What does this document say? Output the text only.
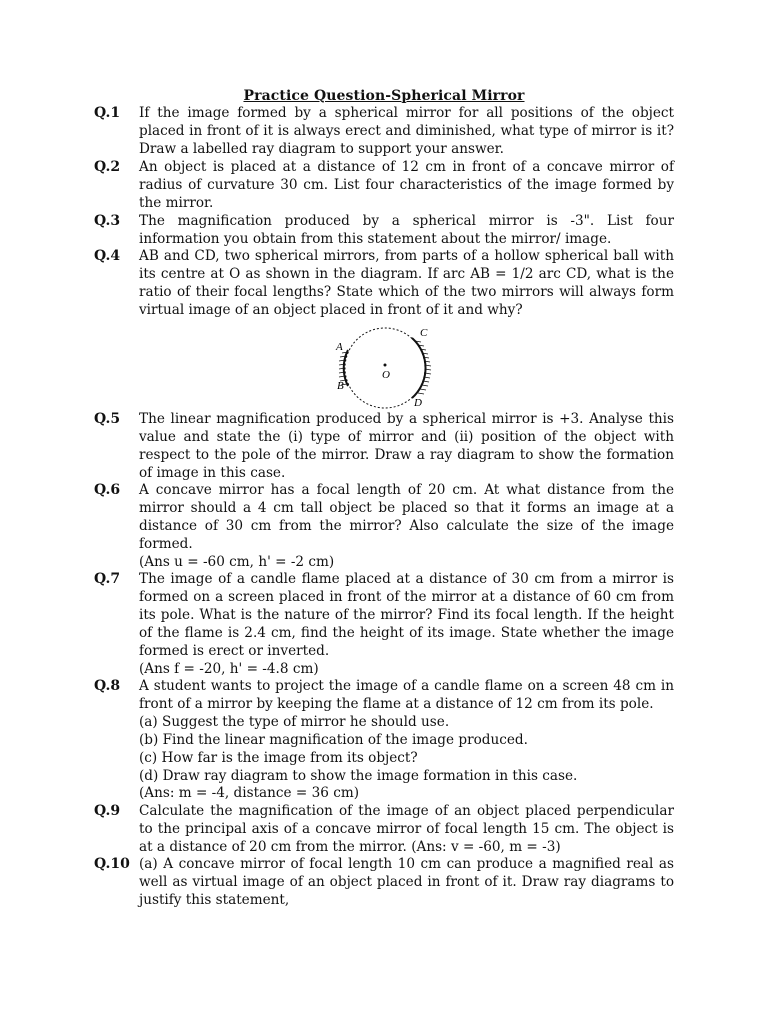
Practice Question-Spherical Mirror
Q.1 If the image formed by a spherical mirror for all positions of the object placed in front of it is always erect and diminished, what type of mirror is it? Draw a labelled ray diagram to support your answer.
Q.2 An object is placed at a distance of 12 cm in front of a concave mirror of radius of curvature 30 cm. List four characteristics of the image formed by the mirror.
Q.3 The magnification produced by a spherical mirror is -3". List four information you obtain from this statement about the mirror/ image.
Q.4 AB and CD, two spherical mirrors, from parts of a hollow spherical ball with its centre at O as shown in the diagram. If arc AB = 1/2 arc CD, what is the ratio of their focal lengths? State which of the two mirrors will always form virtual image of an object placed in front of it and why?
O
A
B
C
D
Q.5 The linear magnification produced by a spherical mirror is +3. Analyse this value and state the (i) type of mirror and (ii) position of the object with respect to the pole of the mirror. Draw a ray diagram to show the formation of image in this case.
Q.6 A concave mirror has a focal length of 20 cm. At what distance from the mirror should a 4 cm tall object be placed so that it forms an image at a distance of 30 cm from the mirror? Also calculate the size of the image formed.
(Ans u = -60 cm, h' = -2 cm)
Q.7 The image of a candle flame placed at a distance of 30 cm from a mirror is formed on a screen placed in front of the mirror at a distance of 60 cm from its pole. What is the nature of the mirror? Find its focal length. If the height of the flame is 2.4 cm, find the height of its image. State whether the image formed is erect or inverted.
(Ans f = -20, h' = -4.8 cm)
Q.8 A student wants to project the image of a candle flame on a screen 48 cm in front of a mirror by keeping the flame at a distance of 12 cm from its pole.
(a) Suggest the type of mirror he should use.
(b) Find the linear magnification of the image produced.
(c) How far is the image from its object?
(d) Draw ray diagram to show the image formation in this case.
(Ans: m = -4, distance = 36 cm)
Q.9 Calculate the magnification of the image of an object placed perpendicular to the principal axis of a concave mirror of focal length 15 cm. The object is at a distance of 20 cm from the mirror. (Ans: v = -60, m = -3)
Q.10 (a) A concave mirror of focal length 10 cm can produce a magnified real as well as virtual image of an object placed in front of it. Draw ray diagrams to justify this statement,
